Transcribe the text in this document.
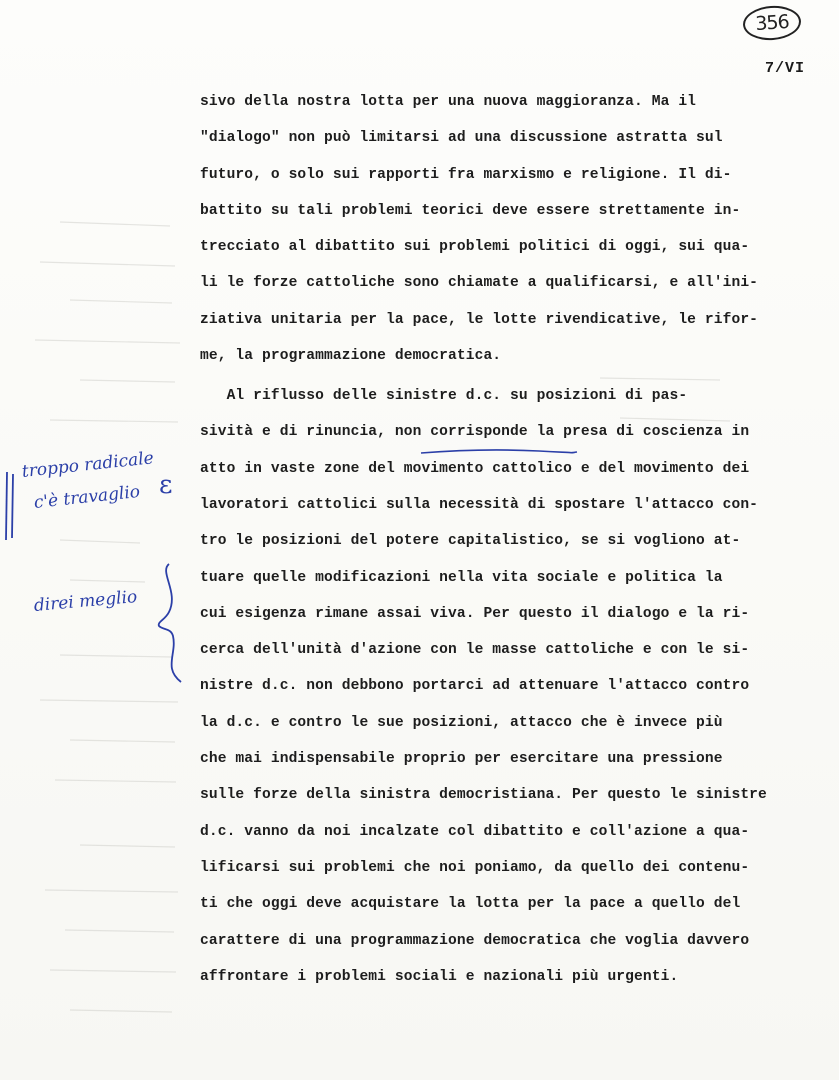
356
7/VI
sivo della nostra lotta per una nuova maggioranza. Ma il
"dialogo" non può limitarsi ad una discussione astratta sul
futuro, o solo sui rapporti fra marxismo e religione. Il di-
battito su tali problemi teorici deve essere strettamente in-
trecciato al dibattito sui problemi politici di oggi, sui qua-
li le forze cattoliche sono chiamate a qualificarsi, e all'ini-
ziativa unitaria per la pace, le lotte rivendicative, le rifor-
me, la programmazione democratica.
Al riflusso delle sinistre d.c. su posizioni di pas-
sività e di rinuncia, non corrisponde la presa di coscienza in
atto in vaste zone del movimento cattolico e del movimento dei
lavoratori cattolici sulla necessità di spostare l'attacco con-
tro le posizioni del potere capitalistico, se si vogliono at-
tuare quelle modificazioni nella vita sociale e politica la
cui esigenza rimane assai viva. Per questo il dialogo e la ri-
cerca dell'unità d'azione con le masse cattoliche e con le si-
nistre d.c. non debbono portarci ad attenuare l'attacco contro
la d.c. e contro le sue posizioni, attacco che è invece più
che mai indispensabile proprio per esercitare una pressione
sulle forze della sinistra democristiana. Per questo le sinistre
d.c. vanno da noi incalzate col dibattito e coll'azione a qua-
lificarsi sui problemi che noi poniamo, da quello dei contenu-
ti che oggi deve acquistare la lotta per la pace a quello del
carattere di una programmazione democratica che voglia davvero
affrontare i problemi sociali e nazionali più urgenti.
troppo radicale
c'è travaglio ε
direi meglio
